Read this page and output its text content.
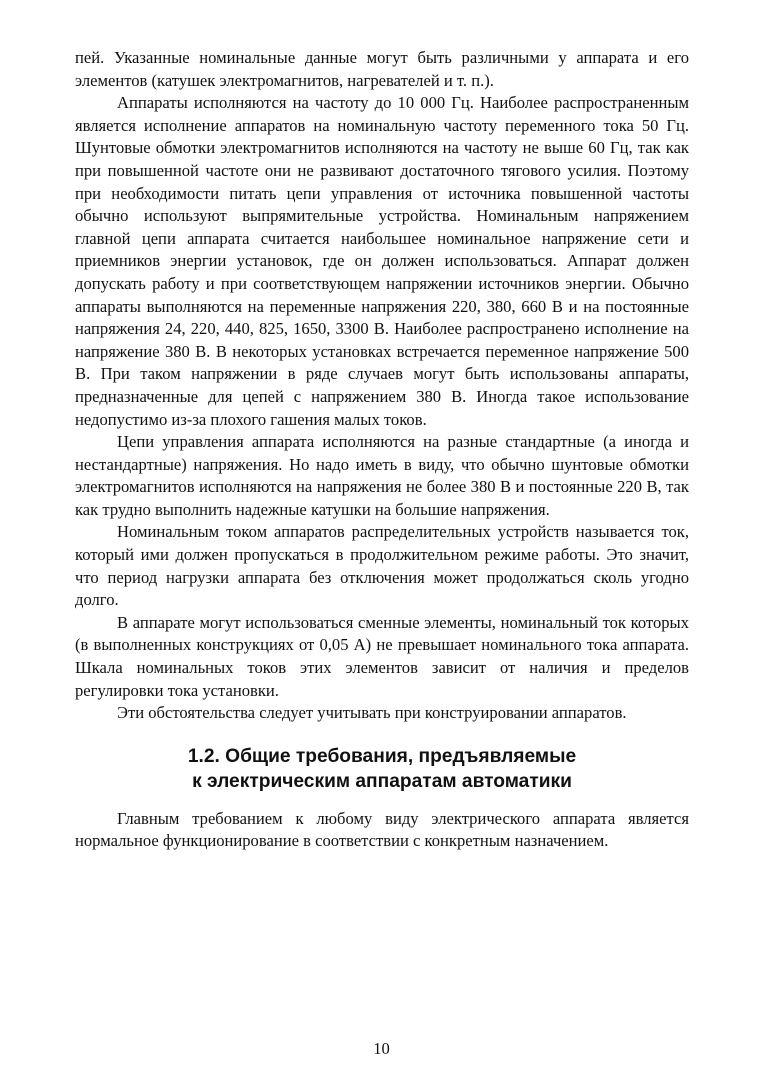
пей. Указанные номинальные данные могут быть различными у аппарата и его элементов (катушек электромагнитов, нагревателей и т. п.).

Аппараты исполняются на частоту до 10 000 Гц. Наиболее распространенным является исполнение аппаратов на номинальную частоту переменного тока 50 Гц. Шунтовые обмотки электромагнитов исполняются на частоту не выше 60 Гц, так как при повышенной частоте они не развивают достаточного тягового усилия. Поэтому при необходимости питать цепи управления от источника повышенной частоты обычно используют выпрямительные устройства. Номинальным напряжением главной цепи аппарата считается наибольшее номинальное напряжение сети и приемников энергии установок, где он должен использоваться. Аппарат должен допускать работу и при соответствующем напряжении источников энергии. Обычно аппараты выполняются на переменные напряжения 220, 380, 660 В и на постоянные напряжения 24, 220, 440, 825, 1650, 3300 В. Наиболее распространено исполнение на напряжение 380 В. В некоторых установках встречается переменное напряжение 500 В. При таком напряжении в ряде случаев могут быть использованы аппараты, предназначенные для цепей с напряжением 380 В. Иногда такое использование недопустимо из-за плохого гашения малых токов.

Цепи управления аппарата исполняются на разные стандартные (а иногда и нестандартные) напряжения. Но надо иметь в виду, что обычно шунтовые обмотки электромагнитов исполняются на напряжения не более 380 В и постоянные 220 В, так как трудно выполнить надежные катушки на большие напряжения.

Номинальным током аппаратов распределительных устройств называется ток, который ими должен пропускаться в продолжительном режиме работы. Это значит, что период нагрузки аппарата без отключения может продолжаться сколь угодно долго.

В аппарате могут использоваться сменные элементы, номинальный ток которых (в выполненных конструкциях от 0,05 А) не превышает номинального тока аппарата. Шкала номинальных токов этих элементов зависит от наличия и пределов регулировки тока установки.

Эти обстоятельства следует учитывать при конструировании аппаратов.

1.2. Общие требования, предъявляемые
к электрическим аппаратам автоматики

Главным требованием к любому виду электрического аппарата является нормальное функционирование в соответствии с конкретным назначением.

10
